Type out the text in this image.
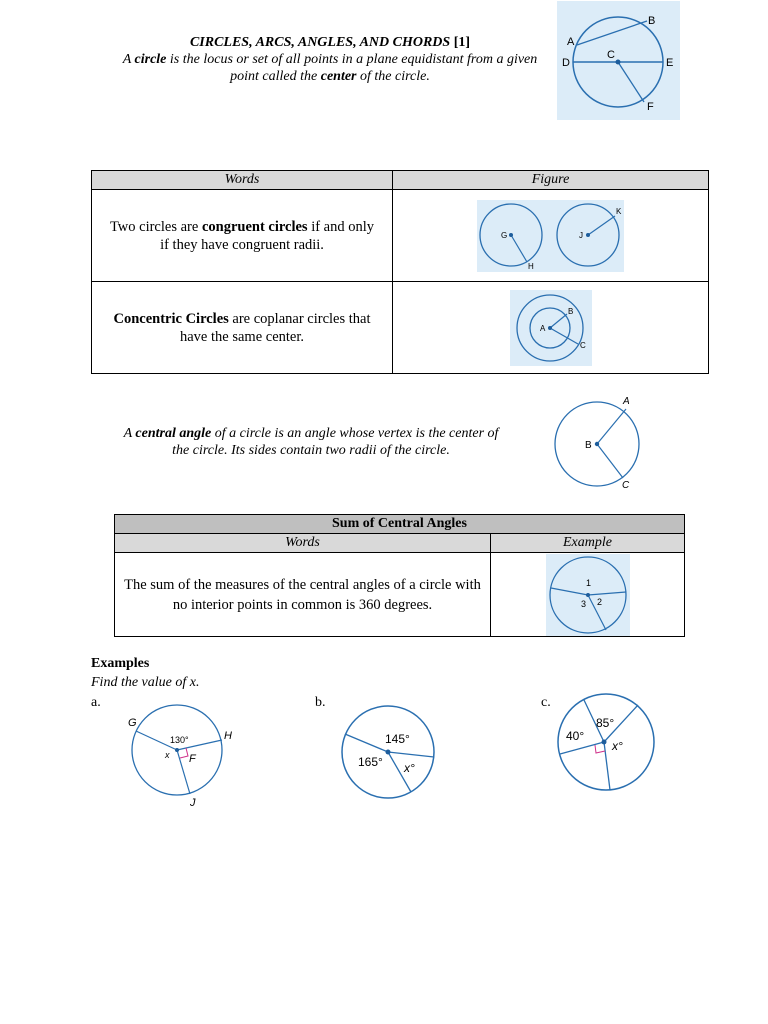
CIRCLES, ARCS, ANGLES, AND CHORDS [1]
A circle is the locus or set of all points in a plane equidistant from a given point called the center of the circle.
B
A
C
D	E
F
Words	Figure

Two circles are congruent circles if and only if they have congruent radii.	G
H
J
K

Concentric Circles are coplanar circles that have the same center.	A
B
C
A central angle of a circle is an angle whose vertex is the center of the circle. Its sides contain two radii of the circle.
A
B
C
Sum of Central Angles	
Words	Example

The sum of the measures of the central angles of a circle with no interior points in common is 360 degrees.	1
2
3
Examples
Find the value of x.
a.
G
130°	H
x F
J
b.
145°
165° x°
c.
85°
40°
x°
